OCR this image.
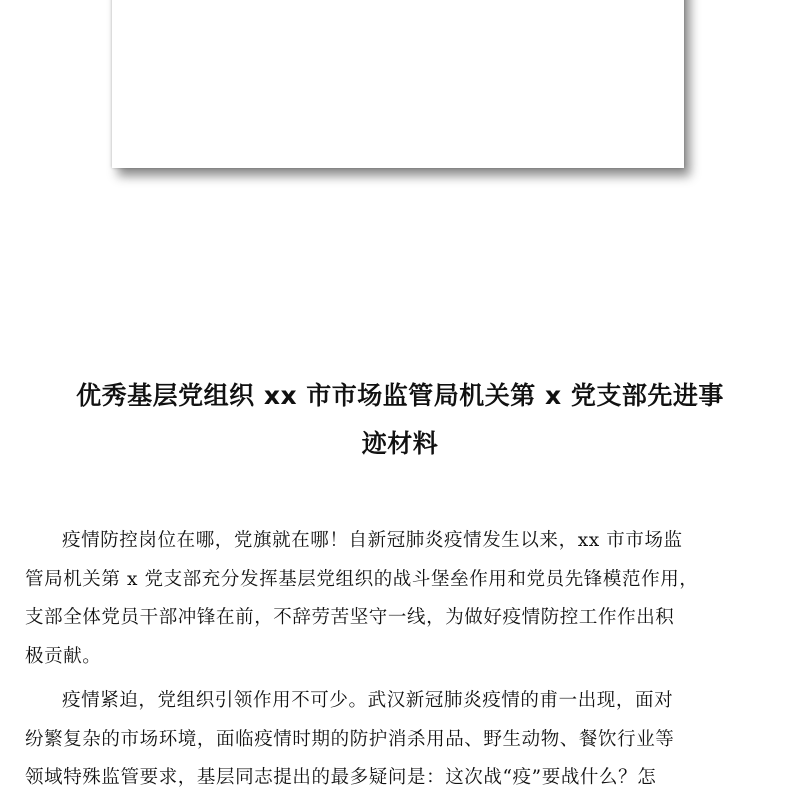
优秀基层党组织 xx 市市场监管局机关第 x 党支部先进事
迹材料

疫情防控岗位在哪，党旗就在哪！自新冠肺炎疫情发生以来，xx 市市场监
管局机关第 x 党支部充分发挥基层党组织的战斗堡垒作用和党员先锋模范作用，
支部全体党员干部冲锋在前，不辞劳苦坚守一线，为做好疫情防控工作作出积
极贡献。

疫情紧迫，党组织引领作用不可少。武汉新冠肺炎疫情的甫一出现，面对
纷繁复杂的市场环境，面临疫情时期的防护消杀用品、野生动物、餐饮行业等
领域特殊监管要求，基层同志提出的最多疑问是：这次战“疫”要战什么？怎
